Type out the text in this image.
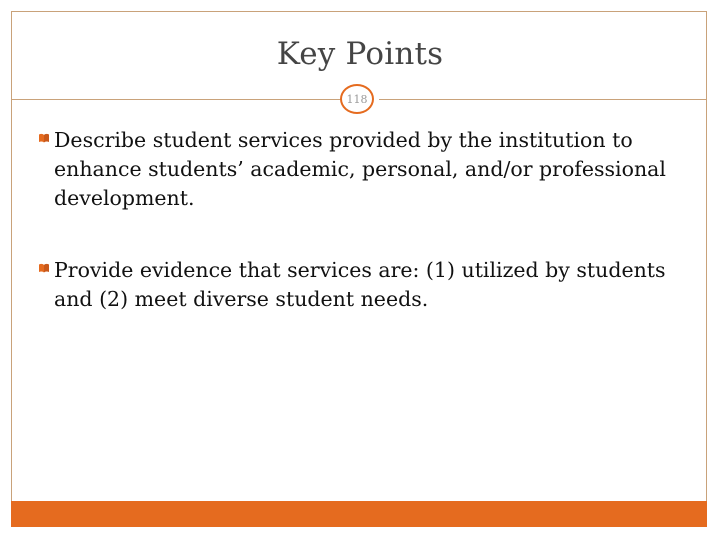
Key Points
118

Describe student services provided by the institution to enhance students’ academic, personal, and/or professional development.

Provide evidence that services are: (1) utilized by students and (2) meet diverse student needs.
